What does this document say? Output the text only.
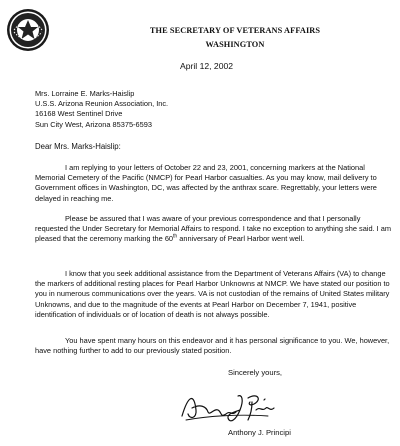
THE SECRETARY OF VETERANS AFFAIRS
WASHINGTON
April 12, 2002
Mrs. Lorraine E. Marks-Haislip
U.S.S. Arizona Reunion Association, Inc.
16168 West Sentinel Drive
Sun City West, Arizona 85375-6593
Dear Mrs. Marks-Haislip:

I am replying to your letters of October 22 and 23, 2001, concerning markers at the National Memorial Cemetery of the Pacific (NMCP) for Pearl Harbor casualties. As you may know, mail delivery to Government offices in Washington, DC, was affected by the anthrax scare. Regrettably, your letters were delayed in reaching me.

Please be assured that I was aware of your previous correspondence and that I personally requested the Under Secretary for Memorial Affairs to respond. I take no exception to anything she said. I am pleased that the ceremony marking the 60th anniversary of Pearl Harbor went well.

I know that you seek additional assistance from the Department of Veterans Affairs (VA) to change the markers of additional resting places for Pearl Harbor Unknowns at NMCP. We have stated our position to you in numerous communications over the years. VA is not custodian of the remains of United States military Unknowns, and due to the magnitude of the events at Pearl Harbor on December 7, 1941, positive identification of individuals or of location of death is not always possible.

You have spent many hours on this endeavor and it has personal significance to you. We, however, have nothing further to add to our previously stated position.

Sincerely yours,
Anthony J. Principi
